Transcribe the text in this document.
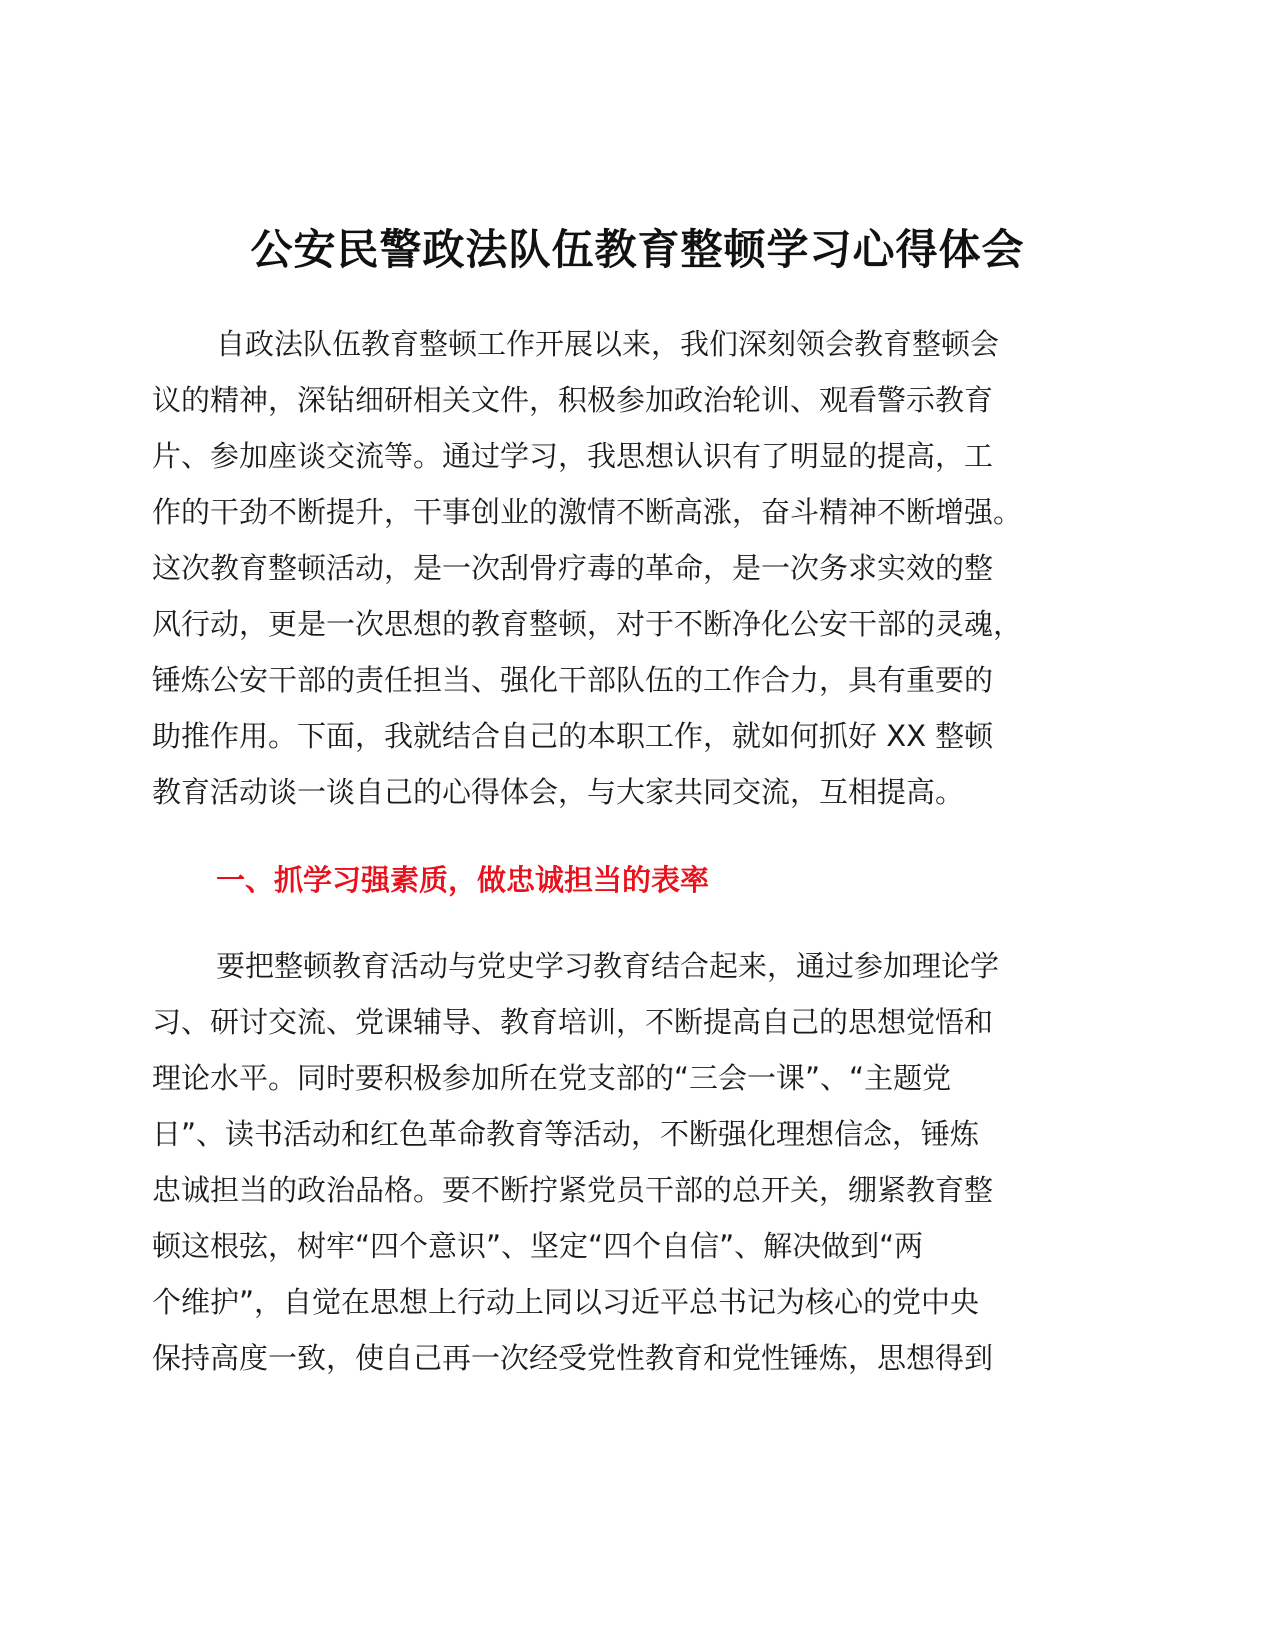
公安民警政法队伍教育整顿学习心得体会
自政法队伍教育整顿工作开展以来，我们深刻领会教育整顿会
议的精神，深钻细研相关文件，积极参加政治轮训、观看警示教育
片、参加座谈交流等。通过学习，我思想认识有了明显的提高，工
作的干劲不断提升，干事创业的激情不断高涨，奋斗精神不断增强。
这次教育整顿活动，是一次刮骨疗毒的革命，是一次务求实效的整
风行动，更是一次思想的教育整顿，对于不断净化公安干部的灵魂，
锤炼公安干部的责任担当、强化干部队伍的工作合力，具有重要的
助推作用。下面，我就结合自己的本职工作，就如何抓好 XX 整顿
教育活动谈一谈自己的心得体会，与大家共同交流，互相提高。
一、抓学习强素质，做忠诚担当的表率
要把整顿教育活动与党史学习教育结合起来，通过参加理论学
习、研讨交流、党课辅导、教育培训，不断提高自己的思想觉悟和
理论水平。同时要积极参加所在党支部的“三会一课”、“主题党
日”、读书活动和红色革命教育等活动，不断强化理想信念，锤炼
忠诚担当的政治品格。要不断拧紧党员干部的总开关，绷紧教育整
顿这根弦，树牢“四个意识”、坚定“四个自信”、解决做到“两
个维护”，自觉在思想上行动上同以习近平总书记为核心的党中央
保持高度一致，使自己再一次经受党性教育和党性锤炼，思想得到
